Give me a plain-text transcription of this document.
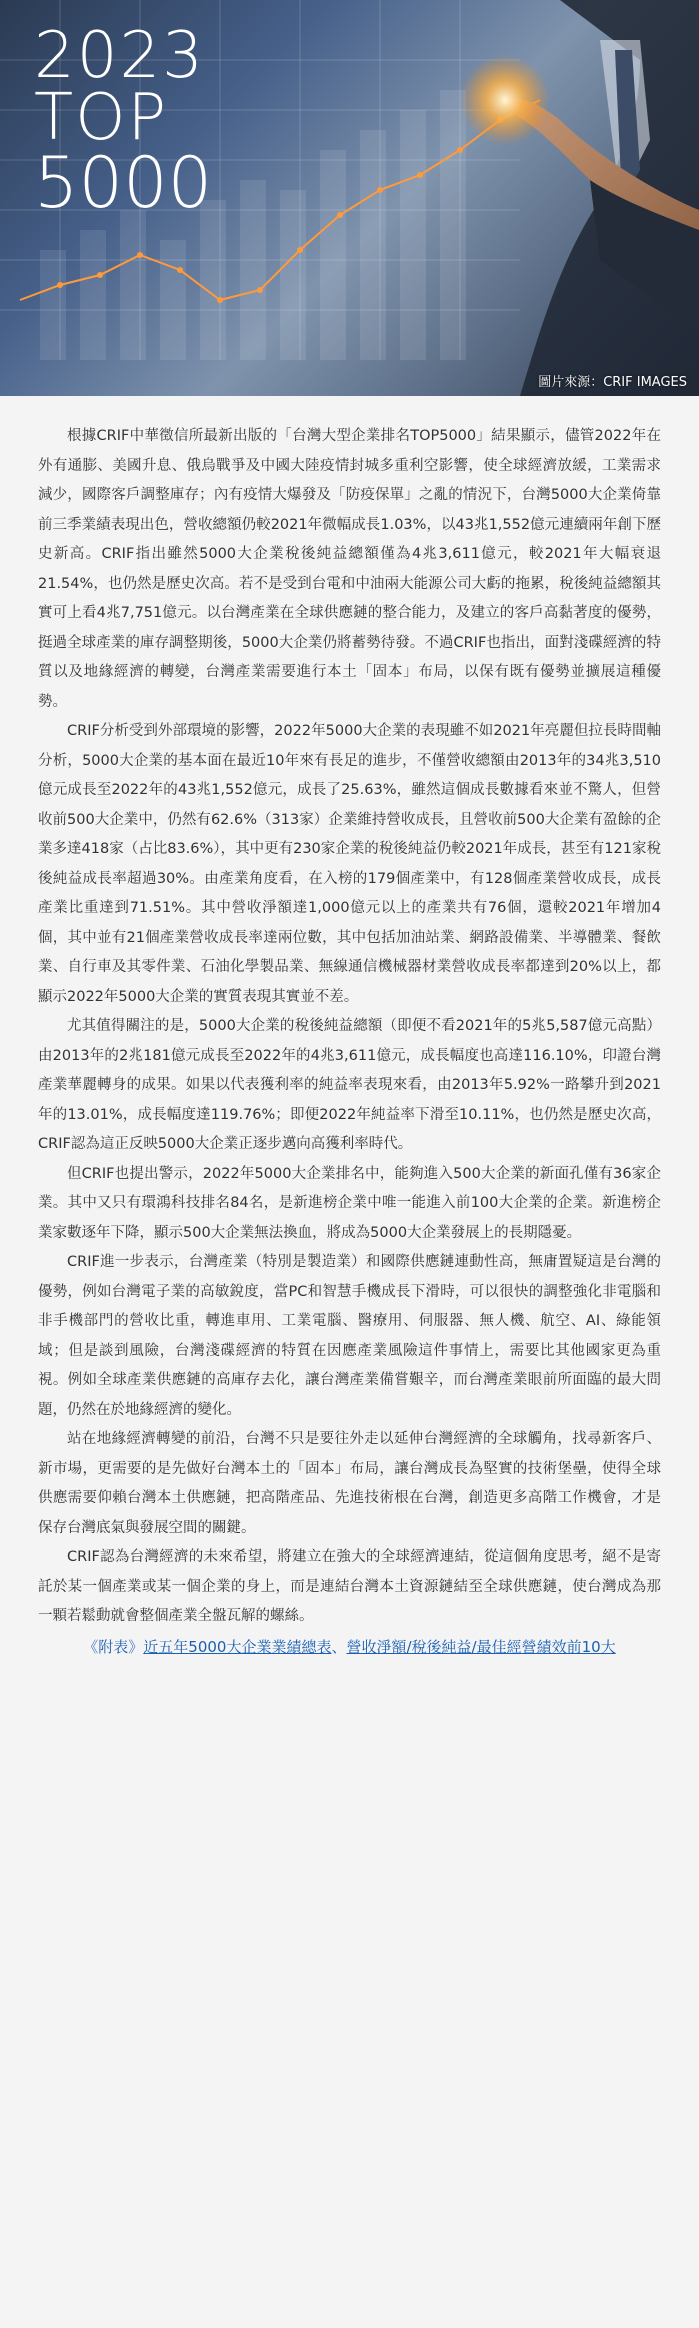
2023
TOP
5000
圖片來源：CRIF IMAGES

根據CRIF中華徵信所最新出版的「台灣大型企業排名TOP5000」結果顯示，儘管2022年在外有通膨、美國升息、俄烏戰爭及中國大陸疫情封城多重利空影響，使全球經濟放緩，工業需求減少，國際客戶調整庫存；內有疫情大爆發及「防疫保單」之亂的情況下，台灣5000大企業倚靠前三季業績表現出色，營收總額仍較2021年微幅成長1.03%，以43兆1,552億元連續兩年創下歷史新高。CRIF指出雖然5000大企業稅後純益總額僅為4兆3,611億元，較2021年大幅衰退21.54%，也仍然是歷史次高。若不是受到台電和中油兩大能源公司大虧的拖累，稅後純益總額其實可上看4兆7,751億元。以台灣產業在全球供應鏈的整合能力，及建立的客戶高黏著度的優勢，挺過全球產業的庫存調整期後，5000大企業仍將蓄勢待發。不過CRIF也指出，面對淺碟經濟的特質以及地緣經濟的轉變，台灣產業需要進行本土「固本」布局，以保有既有優勢並擴展這種優勢。

CRIF分析受到外部環境的影響，2022年5000大企業的表現雖不如2021年亮麗但拉長時間軸分析，5000大企業的基本面在最近10年來有長足的進步，不僅營收總額由2013年的34兆3,510億元成長至2022年的43兆1,552億元，成長了25.63%，雖然這個成長數據看來並不驚人，但營收前500大企業中，仍然有62.6%（313家）企業維持營收成長，且營收前500大企業有盈餘的企業多達418家（占比83.6%），其中更有230家企業的稅後純益仍較2021年成長，甚至有121家稅後純益成長率超過30%。由產業角度看，在入榜的179個產業中，有128個產業營收成長，成長產業比重達到71.51%。其中營收淨額達1,000億元以上的產業共有76個，還較2021年增加4個，其中並有21個產業營收成長率達兩位數，其中包括加油站業、網路設備業、半導體業、餐飲業、自行車及其零件業、石油化學製品業、無線通信機械器材業營收成長率都達到20%以上，都顯示2022年5000大企業的實質表現其實並不差。

尤其值得關注的是，5000大企業的稅後純益總額（即便不看2021年的5兆5,587億元高點）由2013年的2兆181億元成長至2022年的4兆3,611億元，成長幅度也高達116.10%，印證台灣產業華麗轉身的成果。如果以代表獲利率的純益率表現來看，由2013年5.92%一路攀升到2021年的13.01%，成長幅度達119.76%；即便2022年純益率下滑至10.11%，也仍然是歷史次高，CRIF認為這正反映5000大企業正逐步邁向高獲利率時代。

但CRIF也提出警示，2022年5000大企業排名中，能夠進入500大企業的新面孔僅有36家企業。其中又只有環鴻科技排名84名，是新進榜企業中唯一能進入前100大企業的企業。新進榜企業家數逐年下降，顯示500大企業無法換血，將成為5000大企業發展上的長期隱憂。

CRIF進一步表示，台灣產業（特別是製造業）和國際供應鏈連動性高，無庸置疑這是台灣的優勢，例如台灣電子業的高敏銳度，當PC和智慧手機成長下滑時，可以很快的調整強化非電腦和非手機部門的營收比重，轉進車用、工業電腦、醫療用、伺服器、無人機、航空、AI、綠能領域；但是談到風險，台灣淺碟經濟的特質在因應產業風險這件事情上，需要比其他國家更為重視。例如全球產業供應鏈的高庫存去化，讓台灣產業備嘗艱辛，而台灣產業眼前所面臨的最大問題，仍然在於地緣經濟的變化。

站在地緣經濟轉變的前沿，台灣不只是要往外走以延伸台灣經濟的全球觸角，找尋新客戶、新市場，更需要的是先做好台灣本土的「固本」布局，讓台灣成長為堅實的技術堡壘，使得全球供應需要仰賴台灣本土供應鏈，把高階產品、先進技術根在台灣，創造更多高階工作機會，才是保存台灣底氣與發展空間的關鍵。

CRIF認為台灣經濟的未來希望，將建立在強大的全球經濟連結，從這個角度思考，絕不是寄託於某一個產業或某一個企業的身上，而是連結台灣本土資源鏈結至全球供應鏈，使台灣成為那一顆若鬆動就會整個產業全盤瓦解的螺絲。

《附表》近五年5000大企業業績總表、營收淨額/稅後純益/最佳經營績效前10大
